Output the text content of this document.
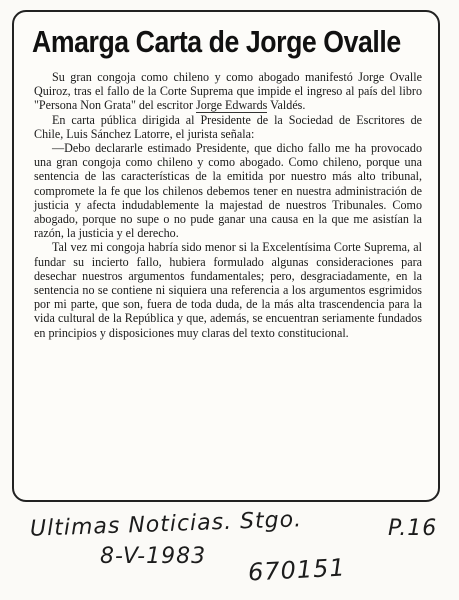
Amarga Carta de Jorge Ovalle

Su gran congoja como chileno y como abogado manifestó Jorge Ovalle Quiroz, tras el fallo de la Corte Suprema que impide el ingreso al país del libro "Persona Non Grata" del escritor Jorge Edwards Valdés.

En carta pública dirigida al Presidente de la Sociedad de Escritores de Chile, Luis Sánchez Latorre, el jurista señala:

—Debo declararle estimado Presidente, que dicho fallo me ha provocado una gran congoja como chileno y como abogado. Como chileno, porque una sentencia de las características de la emitida por nuestro más alto tribunal, compromete la fe que los chilenos debemos tener en nuestra administración de justicia y afecta indudablemente la majestad de nuestros Tribunales. Como abogado, porque no supe o no pude ganar una causa en la que me asistían la razón, la justicia y el derecho.

Tal vez mi congoja habría sido menor si la Excelentísima Corte Suprema, al fundar su incierto fallo, hubiera formulado algunas consideraciones para desechar nuestros argumentos fundamentales; pero, desgraciadamente, en la sentencia no se contiene ni siquiera una referencia a los argumentos esgrimidos por mi parte, que son, fuera de toda duda, de la más alta trascendencia para la vida cultural de la República y que, además, se encuentran seriamente fundados en principios y disposiciones muy claras del texto constitucional.

Ultimas Noticias. Stgo.	P.16
8-V-1983 670151
